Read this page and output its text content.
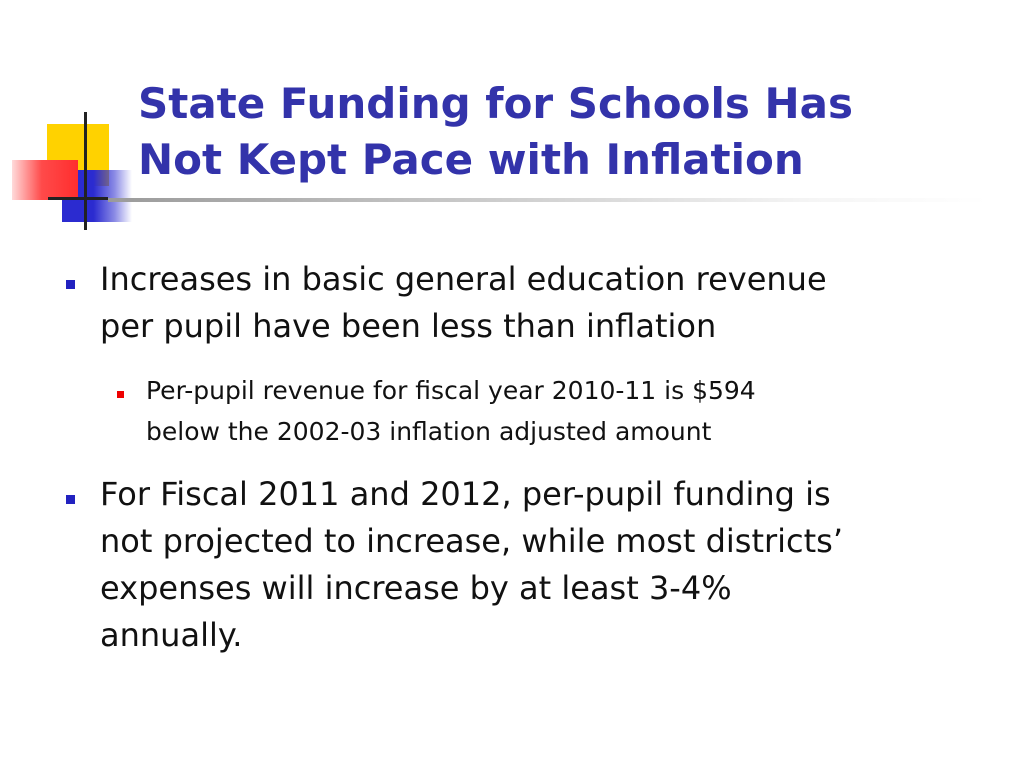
State Funding for Schools Has
Not Kept Pace with Inflation
Increases in basic general education revenue
per pupil have been less than inflation
Per-pupil revenue for fiscal year 2010-11 is $594
below the 2002-03 inflation adjusted amount
For Fiscal 2011 and 2012, per-pupil funding is
not projected to increase, while most districts’
expenses will increase by at least 3-4%
annually.
